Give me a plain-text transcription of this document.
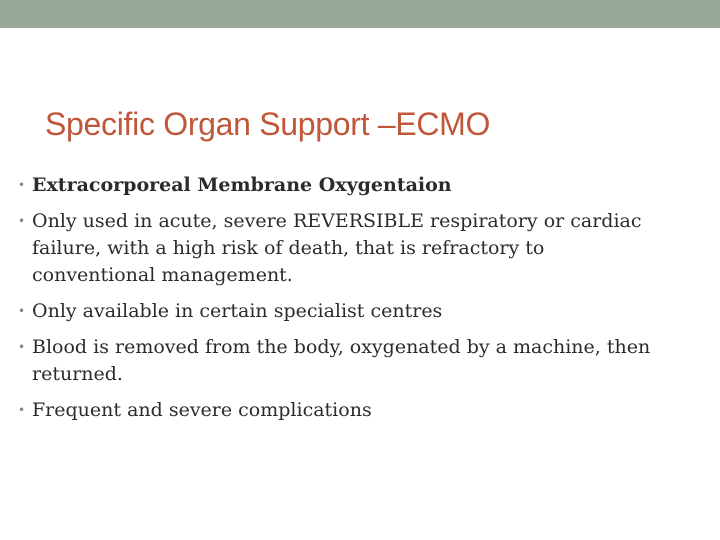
Specific Organ Support –ECMO
• Extracorporeal Membrane Oxygentaion
• Only used in acute, severe REVERSIBLE respiratory or cardiac failure, with a high risk of death, that is refractory to conventional management.
• Only available in certain specialist centres
• Blood is removed from the body, oxygenated by a machine, then returned.
• Frequent and severe complications
